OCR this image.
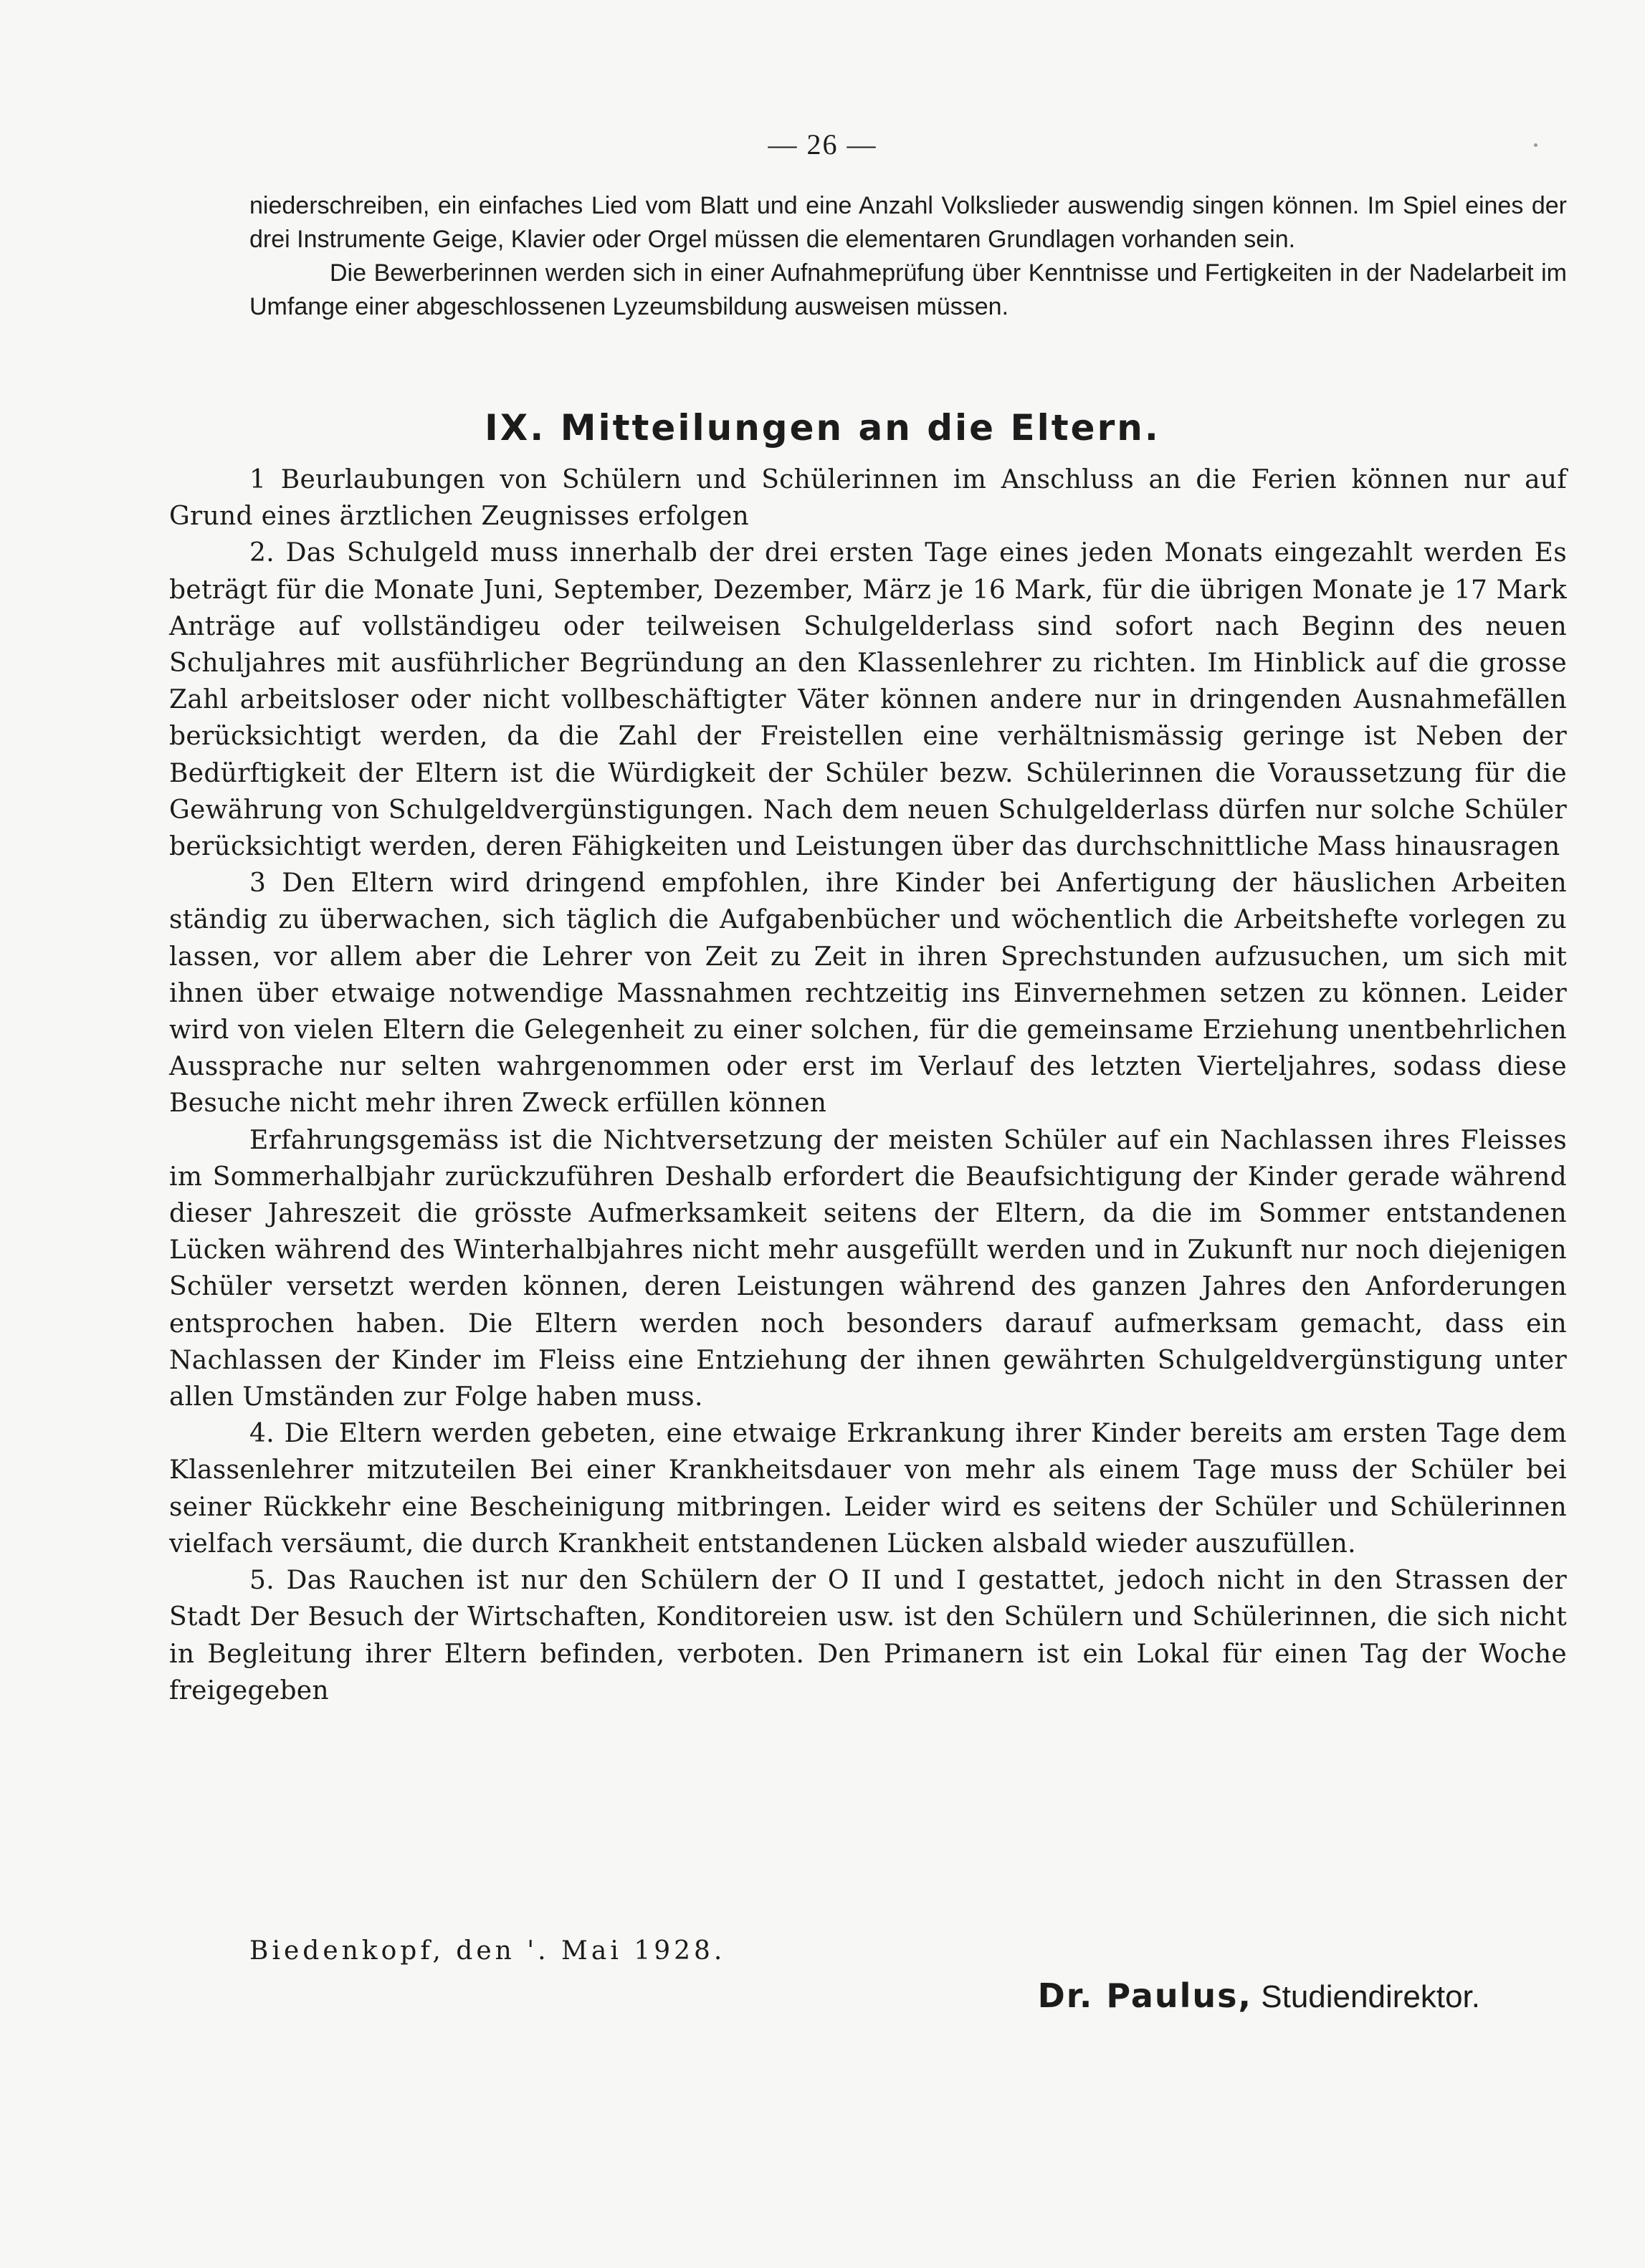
— 26 —

niederschreiben, ein einfaches Lied vom Blatt und eine Anzahl Volkslieder auswendig singen können. Im Spiel eines der drei Instrumente Geige, Klavier oder Orgel müssen die elementaren Grundlagen vorhanden sein.

Die Bewerberinnen werden sich in einer Aufnahmeprüfung über Kenntnisse und Fertigkeiten in der Nadelarbeit im Umfange einer abgeschlossenen Lyzeumsbildung ausweisen müssen.

IX. Mitteilungen an die Eltern.

1 Beurlaubungen von Schülern und Schülerinnen im Anschluss an die Ferien können nur auf Grund eines ärztlichen Zeugnisses erfolgen

2. Das Schulgeld muss innerhalb der drei ersten Tage eines jeden Monats eingezahlt werden Es beträgt für die Monate Juni, September, Dezember, März je 16 Mark, für die übrigen Monate je 17 Mark Anträge auf vollständigeu oder teilweisen Schulgelderlass sind sofort nach Beginn des neuen Schuljahres mit ausführlicher Begründung an den Klassenlehrer zu richten. Im Hinblick auf die grosse Zahl arbeitsloser oder nicht vollbeschäftigter Väter können andere nur in dringenden Ausnahmefällen berücksichtigt werden, da die Zahl der Freistellen eine verhältnismässig geringe ist Neben der Bedürftigkeit der Eltern ist die Würdigkeit der Schüler bezw. Schülerinnen die Voraussetzung für die Gewährung von Schulgeldvergünstigungen. Nach dem neuen Schulgelderlass dürfen nur solche Schüler berücksichtigt werden, deren Fähigkeiten und Leistungen über das durchschnittliche Mass hinausragen

3 Den Eltern wird dringend empfohlen, ihre Kinder bei Anfertigung der häuslichen Arbeiten ständig zu überwachen, sich täglich die Aufgabenbücher und wöchentlich die Arbeitshefte vorlegen zu lassen, vor allem aber die Lehrer von Zeit zu Zeit in ihren Sprechstunden aufzusuchen, um sich mit ihnen über etwaige notwendige Massnahmen rechtzeitig ins Einvernehmen setzen zu können. Leider wird von vielen Eltern die Gelegenheit zu einer solchen, für die gemeinsame Erziehung unentbehrlichen Aussprache nur selten wahrgenommen oder erst im Verlauf des letzten Vierteljahres, sodass diese Besuche nicht mehr ihren Zweck erfüllen können

Erfahrungsgemäss ist die Nichtversetzung der meisten Schüler auf ein Nachlassen ihres Fleisses im Sommerhalbjahr zurückzuführen Deshalb erfordert die Beaufsichtigung der Kinder gerade während dieser Jahreszeit die grösste Aufmerksamkeit seitens der Eltern, da die im Sommer entstandenen Lücken während des Winterhalbjahres nicht mehr ausgefüllt werden und in Zukunft nur noch diejenigen Schüler versetzt werden können, deren Leistungen während des ganzen Jahres den Anforderungen entsprochen haben. Die Eltern werden noch besonders darauf aufmerksam gemacht, dass ein Nachlassen der Kinder im Fleiss eine Entziehung der ihnen gewährten Schulgeldvergünstigung unter allen Umständen zur Folge haben muss.

4. Die Eltern werden gebeten, eine etwaige Erkrankung ihrer Kinder bereits am ersten Tage dem Klassenlehrer mitzuteilen Bei einer Krankheitsdauer von mehr als einem Tage muss der Schüler bei seiner Rückkehr eine Bescheinigung mitbringen. Leider wird es seitens der Schüler und Schülerinnen vielfach versäumt, die durch Krankheit entstandenen Lücken alsbald wieder auszufüllen.

5. Das Rauchen ist nur den Schülern der O II und I gestattet, jedoch nicht in den Strassen der Stadt Der Besuch der Wirtschaften, Konditoreien usw. ist den Schülern und Schülerinnen, die sich nicht in Begleitung ihrer Eltern befinden, verboten. Den Primanern ist ein Lokal für einen Tag der Woche freigegeben

Biedenkopf, den '. Mai 1928.
Dr. Paulus, Studiendirektor.
